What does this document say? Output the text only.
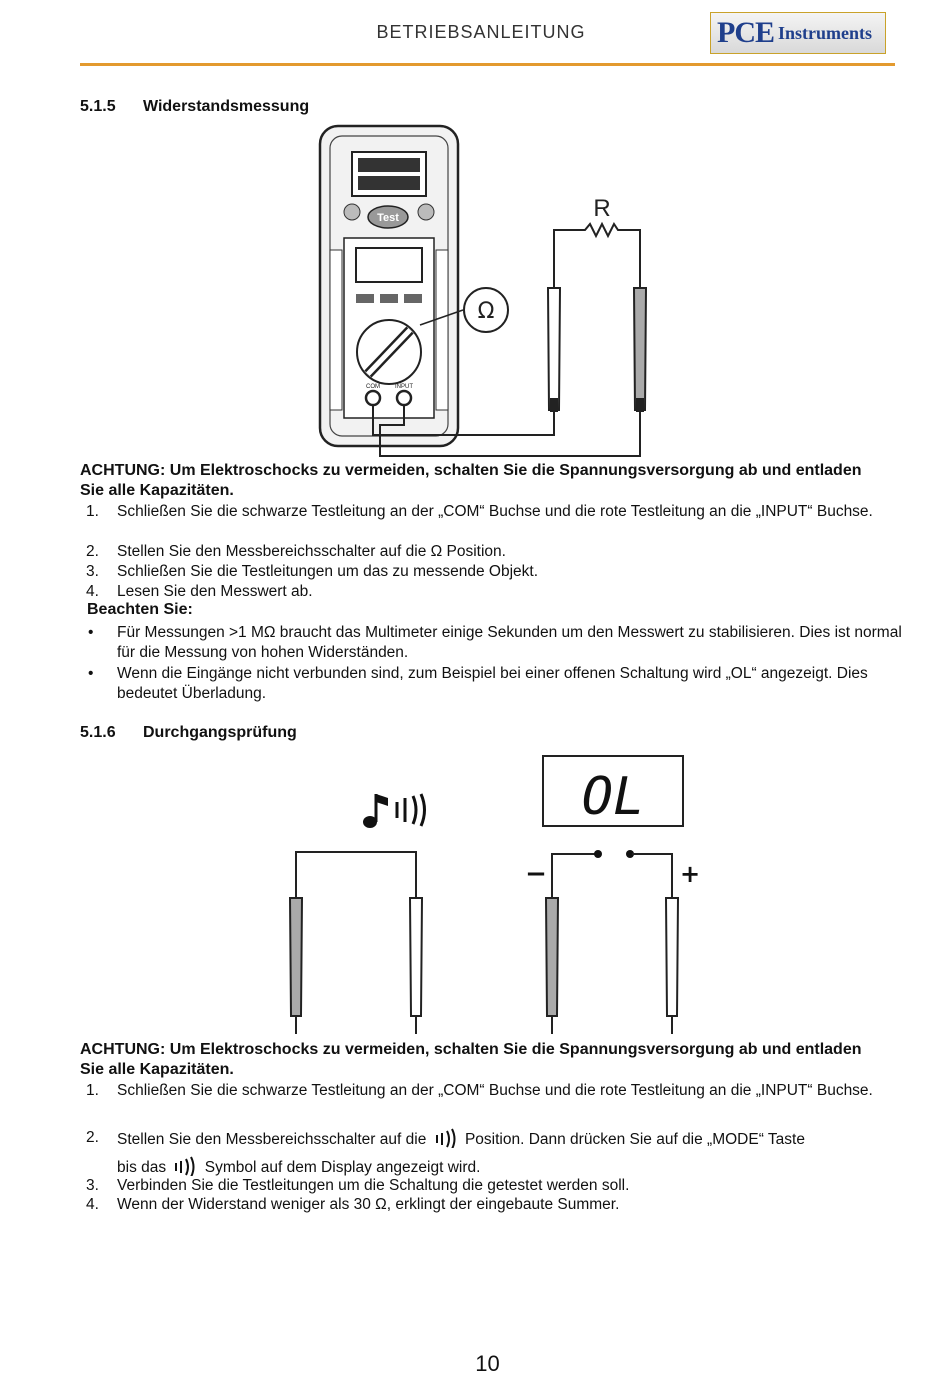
BETRIEBSANLEITUNG	PCE Instruments
5.1.5 Widerstandsmessung
Test
COM	INPUT
Ω
R
ACHTUNG: Um Elektroschocks zu vermeiden, schalten Sie die Spannungsversorgung ab und entladen Sie alle Kapazitäten.
1. Schließen Sie die schwarze Testleitung an der „COM“ Buchse und die rote Testleitung an die „INPUT“ Buchse.
2. Stellen Sie den Messbereichsschalter auf die Ω Position.
3. Schließen Sie die Testleitungen um das zu messende Objekt.
4. Lesen Sie den Messwert ab.
Beachten Sie:
• Für Messungen >1 MΩ braucht das Multimeter einige Sekunden um den Messwert zu stabilisieren. Dies ist normal für die Messung von hohen Widerständen.
• Wenn die Eingänge nicht verbunden sind, zum Beispiel bei einer offenen Schaltung wird „OL“ angezeigt. Dies bedeutet Überladung.
5.1.6 Durchgangsprüfung
OL
−	+
ACHTUNG: Um Elektroschocks zu vermeiden, schalten Sie die Spannungsversorgung ab und entladen Sie alle Kapazitäten.
1. Schließen Sie die schwarze Testleitung an der „COM“ Buchse und die rote Testleitung an die „INPUT“ Buchse.
2. Stellen Sie den Messbereichsschalter auf die Position. Dann drücken Sie auf die „MODE“ Taste
bis das Symbol auf dem Display angezeigt wird.
3. Verbinden Sie die Testleitungen um die Schaltung die getestet werden soll.
4. Wenn der Widerstand weniger als 30 Ω, erklingt der eingebaute Summer.
10
